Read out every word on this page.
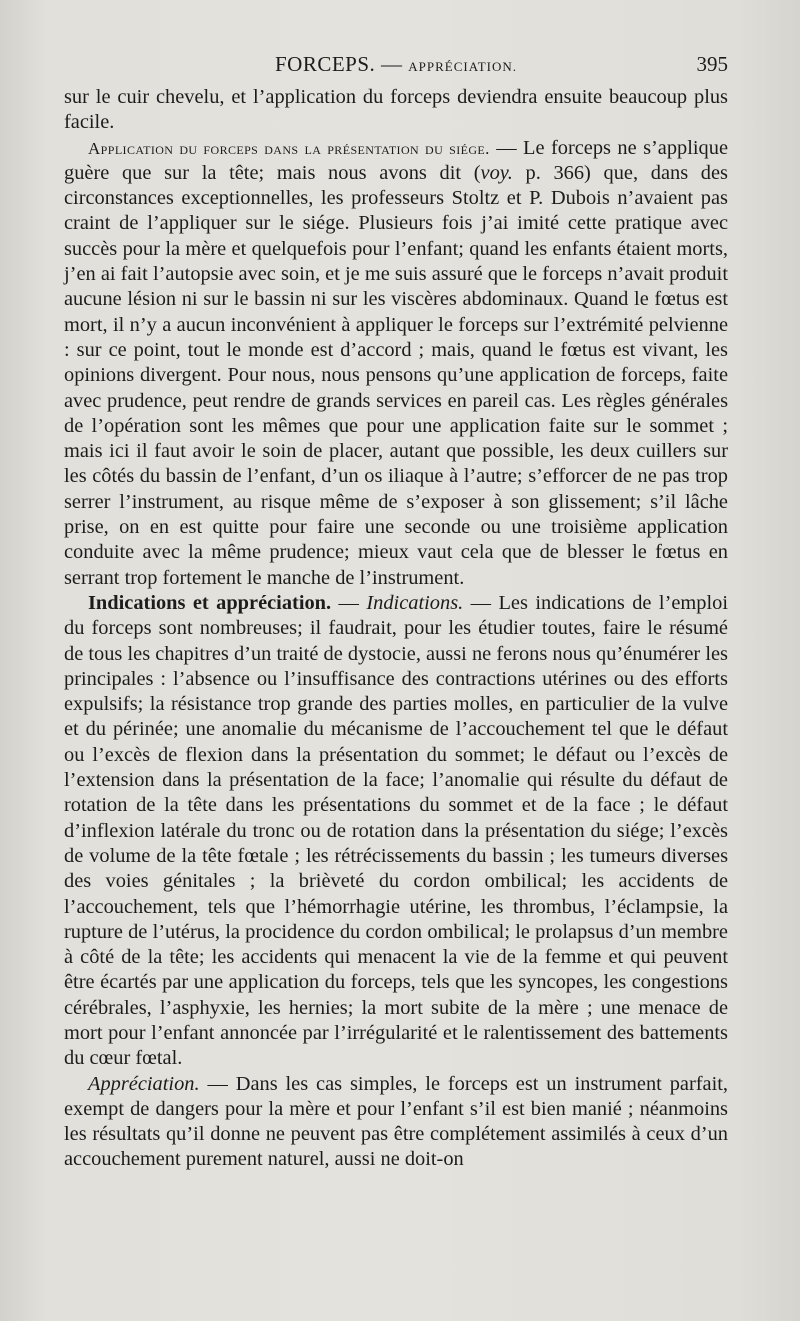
FORCEPS. — APPRÉCIATION.	395

sur le cuir chevelu, et l’application du forceps deviendra ensuite beaucoup plus facile.

Application du forceps dans la présentation du siége. — Le forceps ne s’applique guère que sur la tête; mais nous avons dit (voy. p. 366) que, dans des circonstances exceptionnelles, les professeurs Stoltz et P. Dubois n’avaient pas craint de l’appliquer sur le siége. Plusieurs fois j’ai imité cette pratique avec succès pour la mère et quelquefois pour l’enfant; quand les enfants étaient morts, j’en ai fait l’autopsie avec soin, et je me suis assuré que le forceps n’avait produit aucune lésion ni sur le bassin ni sur les viscères abdominaux. Quand le fœtus est mort, il n’y a aucun inconvénient à appliquer le forceps sur l’extrémité pelvienne : sur ce point, tout le monde est d’accord ; mais, quand le fœtus est vivant, les opinions divergent. Pour nous, nous pensons qu’une application de forceps, faite avec prudence, peut rendre de grands services en pareil cas. Les règles générales de l’opération sont les mêmes que pour une application faite sur le sommet ; mais ici il faut avoir le soin de placer, autant que possible, les deux cuillers sur les côtés du bassin de l’enfant, d’un os iliaque à l’autre; s’efforcer de ne pas trop serrer l’instrument, au risque même de s’exposer à son glissement; s’il lâche prise, on en est quitte pour faire une seconde ou une troisième application conduite avec la même prudence; mieux vaut cela que de blesser le fœtus en serrant trop fortement le manche de l’instrument.

Indications et appréciation. — Indications. — Les indications de l’emploi du forceps sont nombreuses; il faudrait, pour les étudier toutes, faire le résumé de tous les chapitres d’un traité de dystocie, aussi ne ferons nous qu’énumérer les principales : l’absence ou l’insuffisance des contractions utérines ou des efforts expulsifs; la résistance trop grande des parties molles, en particulier de la vulve et du périnée; une anomalie du mécanisme de l’accouchement tel que le défaut ou l’excès de flexion dans la présentation du sommet; le défaut ou l’excès de l’extension dans la présentation de la face; l’anomalie qui résulte du défaut de rotation de la tête dans les présentations du sommet et de la face ; le défaut d’inflexion latérale du tronc ou de rotation dans la présentation du siége; l’excès de volume de la tête fœtale ; les rétrécissements du bassin ; les tumeurs diverses des voies génitales ; la brièveté du cordon ombilical; les accidents de l’accouchement, tels que l’hémorrhagie utérine, les thrombus, l’éclampsie, la rupture de l’utérus, la procidence du cordon ombilical; le prolapsus d’un membre à côté de la tête; les accidents qui menacent la vie de la femme et qui peuvent être écartés par une application du forceps, tels que les syncopes, les congestions cérébrales, l’asphyxie, les hernies; la mort subite de la mère ; une menace de mort pour l’enfant annoncée par l’irrégularité et le ralentissement des battements du cœur fœtal.

Appréciation. — Dans les cas simples, le forceps est un instrument parfait, exempt de dangers pour la mère et pour l’enfant s’il est bien manié ; néanmoins les résultats qu’il donne ne peuvent pas être complétement assimilés à ceux d’un accouchement purement naturel, aussi ne doit-on
